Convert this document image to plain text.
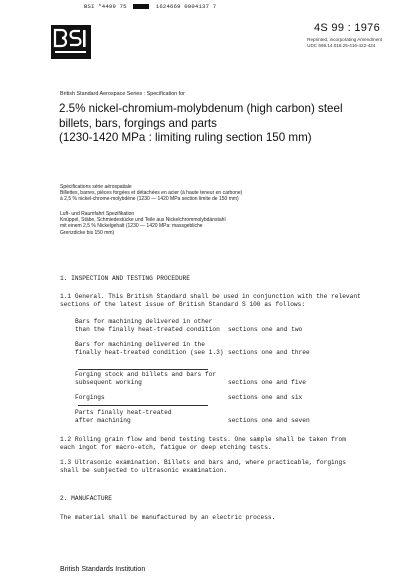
BSI *4499 75	1624669 0004137 7
4S 99 : 1976
Reprinted, incorporating Amendment
UDC 669.14.018.25-416-422-424
British Standard Aerospace Series : Specification for
2.5% nickel-chromium-molybdenum (high carbon) steel
billets, bars, forgings and parts
(1230-1420 MPa : limiting ruling section 150 mm)
Spécifications série aérospatiale
Billettes, barres, pièces forgées et détachées en acier (à haute teneur en carbone)
à 2,5 % nickel-chrome-molybdène (1230 — 1420 MPa section limite de 150 mm)
Luft- und Raumfahrt Spezifikation
Knüppel, Stäbe, Schmiedestücke und Teile aus Nickelchrommolybdänstahl
mit einem 2,5 % Nickelgehalt (1230 — 1420 MPa: massgebliche
Grenzdicke bis 150 mm)
1. INSPECTION AND TESTING PROCEDURE
1.1 General. This British Standard shall be used in conjunction with the relevant
sections of the latest issue of British Standard S 100 as follows:
Bars for machining delivered in other
than the finally heat-treated condition sections one and two
Bars for machining delivered in the
finally heat-treated condition (see 1.3) sections one and three
Forging stock and billets and bars for
subsequent working	sections one and five
Forgings	sections one and six
Parts finally heat-treated
after machining	sections one and seven
1.2 Rolling grain flow and bend testing tests. One sample shall be taken from
each ingot for macro-etch, fatigue or deep etching tests.
1.3 Ultrasonic examination. Billets and bars and, where practicable, forgings
shall be subjected to ultrasonic examination.
2. MANUFACTURE
The material shall be manufactured by an electric process.
British Standards Institution
